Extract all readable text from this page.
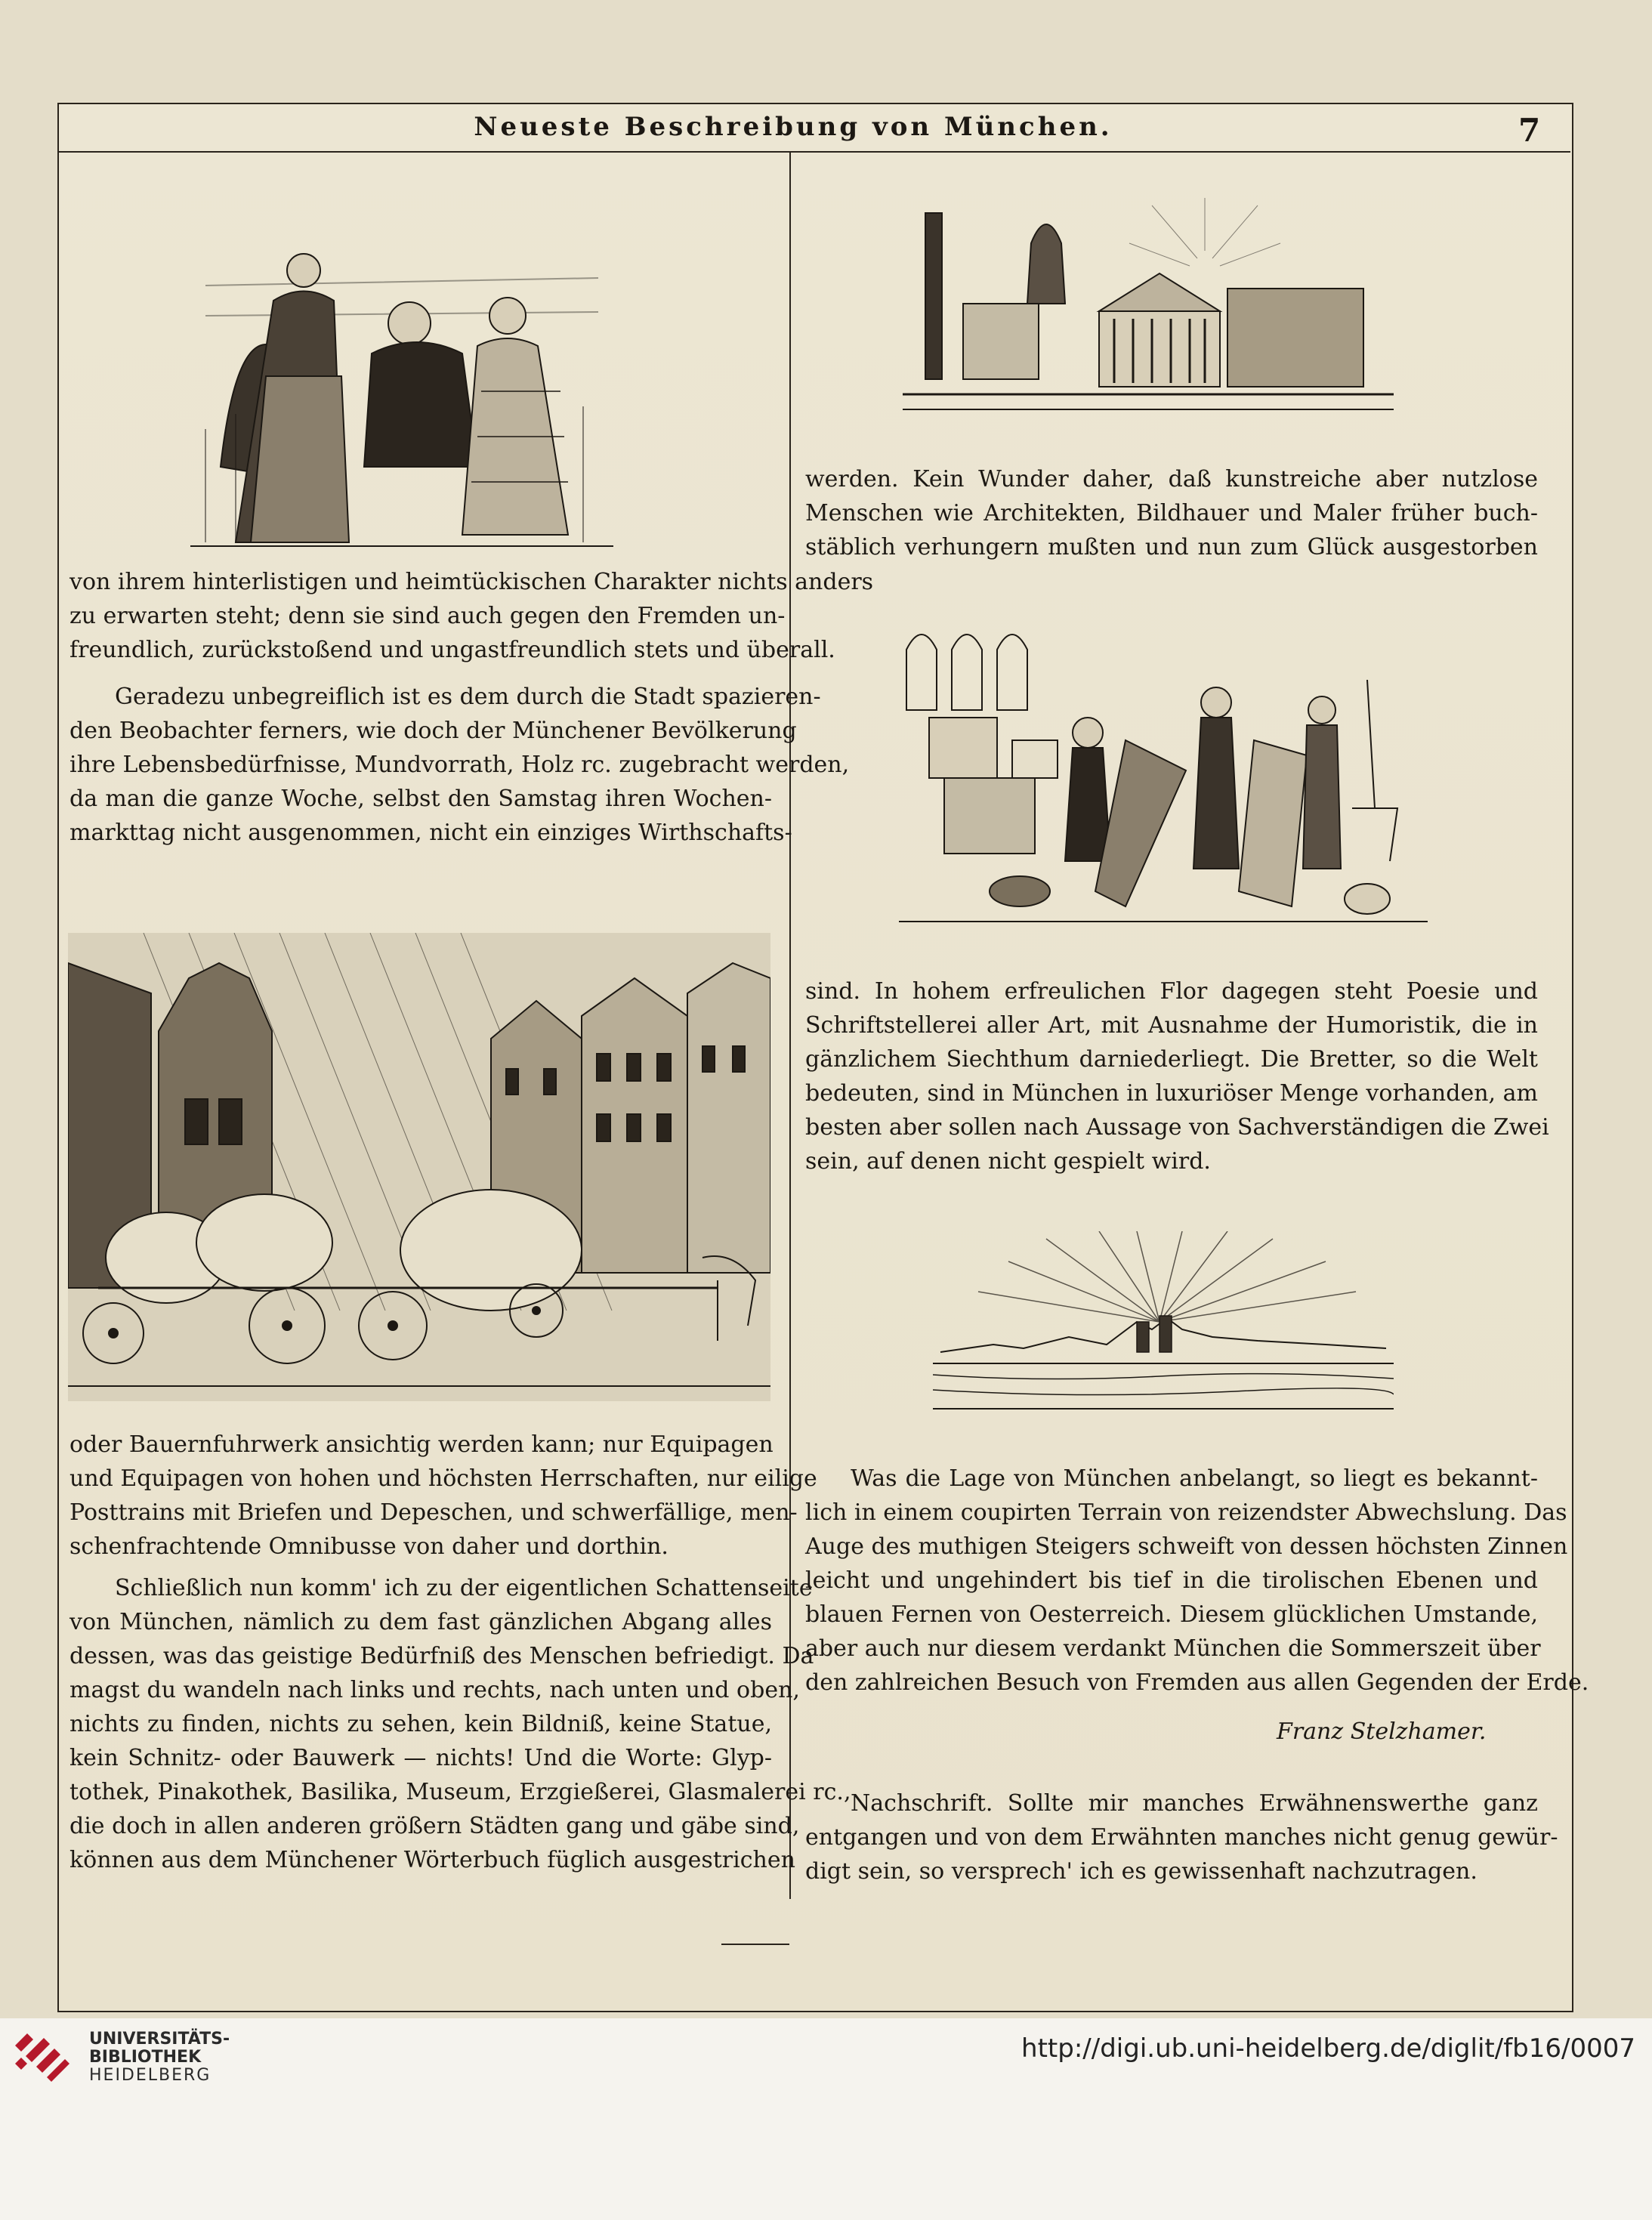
Neueste Beschreibung von München.	7
von ihrem hinterlistigen und heimtückischen Charakter nichts anders
zu erwarten steht; denn sie sind auch gegen den Fremden un-
freundlich, zurückstoßend und ungastfreundlich stets und überall.
Geradezu unbegreiflich ist es dem durch die Stadt spazieren-
den Beobachter ferners, wie doch der Münchener Bevölkerung
ihre Lebensbedürfnisse, Mundvorrath, Holz rc. zugebracht werden,
da man die ganze Woche, selbst den Samstag ihren Wochen-
markttag nicht ausgenommen, nicht ein einziges Wirthschafts-
oder Bauernfuhrwerk ansichtig werden kann; nur Equipagen
und Equipagen von hohen und höchsten Herrschaften, nur eilige
Posttrains mit Briefen und Depeschen, und schwerfällige, men-
schenfrachtende Omnibusse von daher und dorthin.
Schließlich nun komm' ich zu der eigentlichen Schattenseite
von München, nämlich zu dem fast gänzlichen Abgang alles
dessen, was das geistige Bedürfniß des Menschen befriedigt. Da
magst du wandeln nach links und rechts, nach unten und oben,
nichts zu finden, nichts zu sehen, kein Bildniß, keine Statue,
kein Schnitz- oder Bauwerk — nichts! Und die Worte: Glyp-
tothek, Pinakothek, Basilika, Museum, Erzgießerei, Glasmalerei rc.,
die doch in allen anderen größern Städten gang und gäbe sind,
können aus dem Münchener Wörterbuch füglich ausgestrichen
werden. Kein Wunder daher, daß kunstreiche aber nutzlose
Menschen wie Architekten, Bildhauer und Maler früher buch-
stäblich verhungern mußten und nun zum Glück ausgestorben
sind. In hohem erfreulichen Flor dagegen steht Poesie und
Schriftstellerei aller Art, mit Ausnahme der Humoristik, die in
gänzlichem Siechthum darniederliegt. Die Bretter, so die Welt
bedeuten, sind in München in luxuriöser Menge vorhanden, am
besten aber sollen nach Aussage von Sachverständigen die Zwei
sein, auf denen nicht gespielt wird.
Was die Lage von München anbelangt, so liegt es bekannt-
lich in einem coupirten Terrain von reizendster Abwechslung. Das
Auge des muthigen Steigers schweift von dessen höchsten Zinnen
leicht und ungehindert bis tief in die tirolischen Ebenen und
blauen Fernen von Oesterreich. Diesem glücklichen Umstande,
aber auch nur diesem verdankt München die Sommerszeit über
den zahlreichen Besuch von Fremden aus allen Gegenden der Erde.
Franz Stelzhamer.
Nachschrift. Sollte mir manches Erwähnenswerthe ganz
entgangen und von dem Erwähnten manches nicht genug gewür-
digt sein, so versprech' ich es gewissenhaft nachzutragen.
UNIVERSITÄTS-
BIBLIOTHEK
HEIDELBERG
http://digi.ub.uni-heidelberg.de/diglit/fb16/0007
